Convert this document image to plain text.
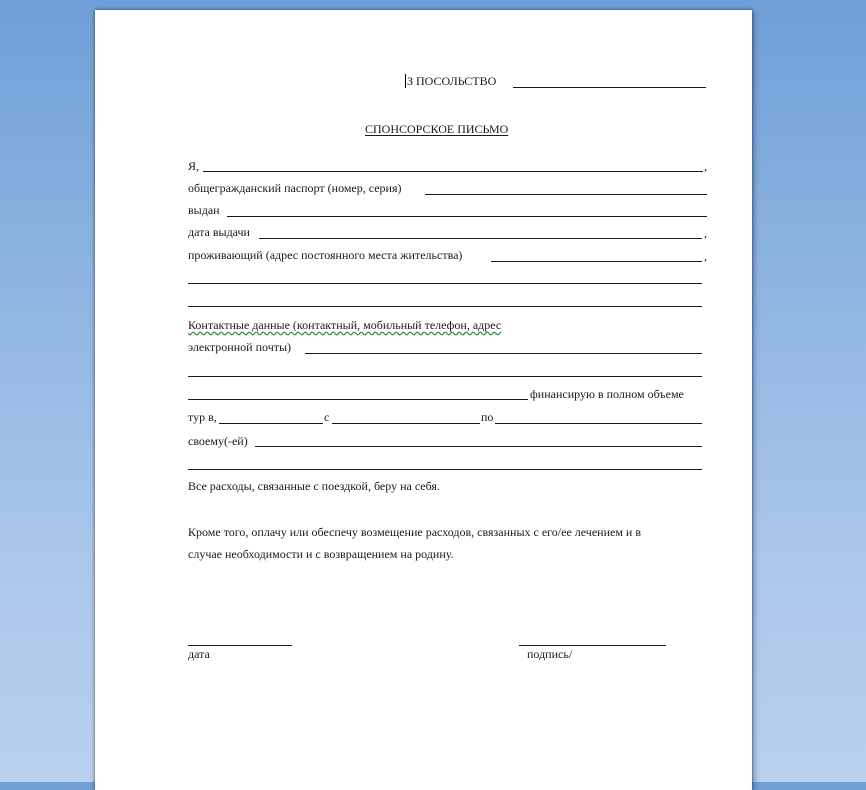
З ПОСОЛЬСТВО
СПОНСОРСКОЕ ПИСЬМО
Я,	,
общегражданский паспорт (номер, серия)
выдан
дата выдачи	,
проживающий (адрес постоянного места жительства)	,
Контактные данные (контактный, мобильный телефон, адрес
электронной почты)
финансирую в полном объеме
тур в,	с	по
своему(-ей)
Все расходы, связанные с поездкой, беру на себя.
Кроме того, оплачу или обеспечу возмещение расходов, связанных с его/ее лечением и в
случае необходимости и с возвращением на родину.
дата	подпись/
